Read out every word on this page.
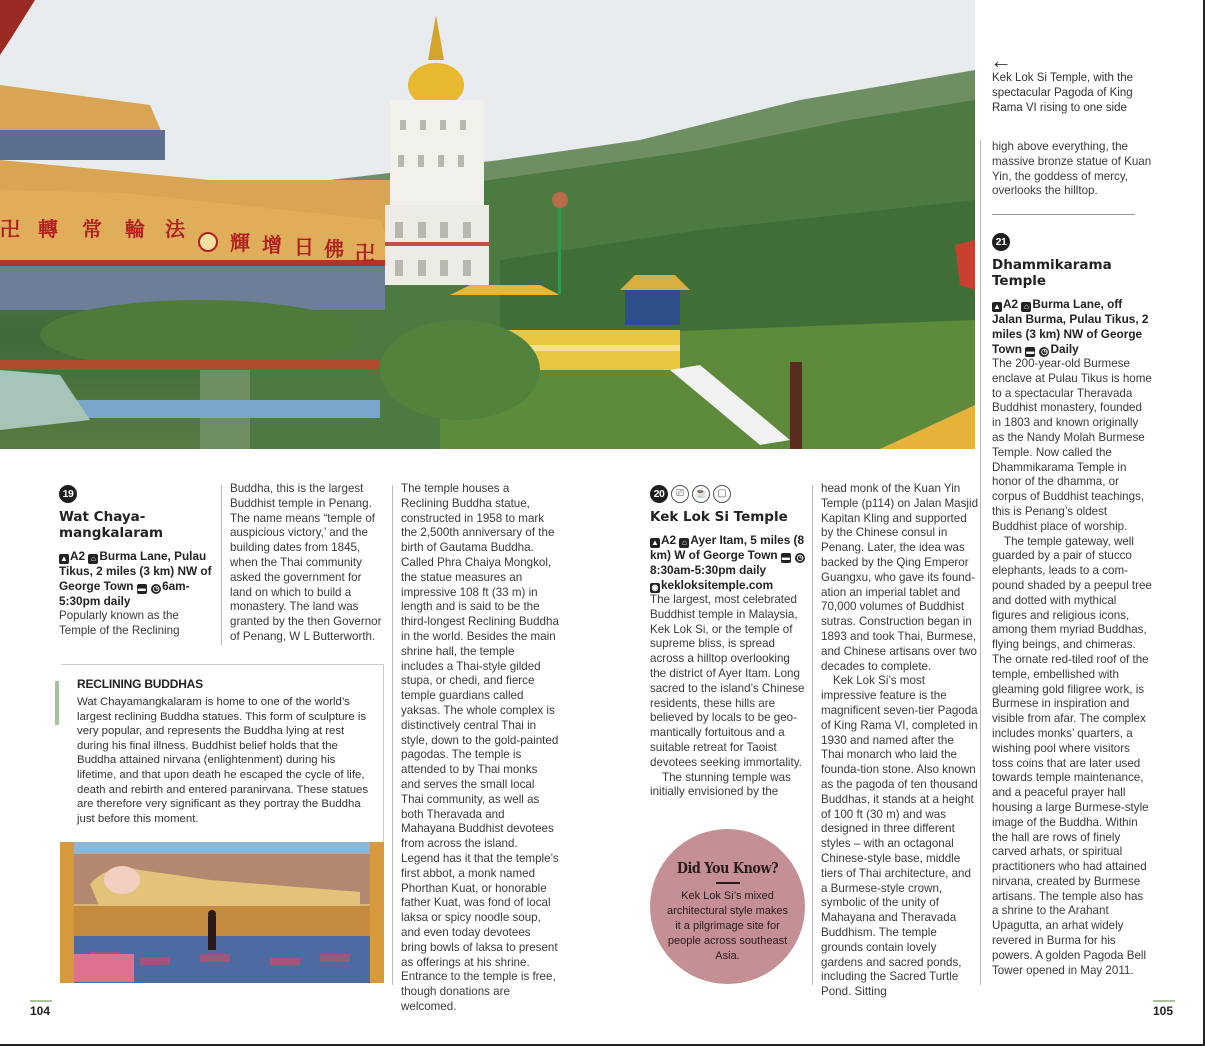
卍 轉 常 輪 法
輝 增 日 佛 卍
←
Kek Lok Si Temple, with the spectacular Pagoda of King Rama VI rising to one side

high above everything, the massive bronze statue of Kuan Yin, the goddess of mercy, overlooks the hilltop.

21
Dhammikarama Temple
▲ A2 ⌂ Burma Lane, off Jalan Burma, Pulau Tikus, 2 miles (3 km) NW of George Town ▬ ◷ Daily

The 200-year-old Burmese enclave at Pulau Tikus is home to a spectacular Theravada Buddhist monastery, founded in 1803 and known originally as the Nandy Molah Burmese Temple. Now called the Dhammikarama Temple in honor of the dhamma, or corpus of Buddhist teachings, this is Penang’s oldest Buddhist place of worship.

The temple gateway, well guarded by a pair of stucco elephants, leads to a com-pound shaded by a peepul tree and dotted with mythical figures and religious icons, among them myriad Buddhas, flying beings, and chimeras. The ornate red-tiled roof of the temple, embellished with gleaming gold filigree work, is Burmese in inspiration and visible from afar. The complex includes monks’ quarters, a wishing pool where visitors toss coins that are later used towards temple maintenance, and a peaceful prayer hall housing a large Burmese-style image of the Buddha. Within the hall are rows of finely carved arhats, or spiritual practitioners who had attained nirvana, created by Burmese artisans. The temple also has a shrine to the Arahant Upagutta, an arhat widely revered in Burma for his powers. A golden Pagoda Bell Tower opened in May 2011.

19
Wat Chaya-mangkalaram
▲ A2 ⌂ Burma Lane, Pulau Tikus, 2 miles (3 km) NW of George Town ▬ ◷ 6am-5:30pm daily

Popularly known as the Temple of the Reclining

Buddha, this is the largest Buddhist temple in Penang. The name means “temple of auspicious victory,’ and the building dates from 1845, when the Thai community asked the government for land on which to build a monastery. The land was granted by the then Governor of Penang, W L Butterworth.

The temple houses a Reclining Buddha statue, constructed in 1958 to mark the 2,500th anniversary of the birth of Gautama Buddha. Called Phra Chaiya Mongkol, the statue measures an impressive 108 ft (33 m) in length and is said to be the third-longest Reclining Buddha in the world. Besides the main shrine hall, the temple includes a Thai-style gilded stupa, or chedi, and fierce temple guardians called yaksas. The whole complex is distinctively central Thai in style, down to the gold-painted pagodas. The temple is attended to by Thai monks and serves the small local Thai community, as well as both Theravada and Mahayana Buddhist devotees from across the island. Legend has it that the temple’s first abbot, a monk named Phorthan Kuat, or honorable father Kuat, was fond of local laksa or spicy noodle soup, and even today devotees bring bowls of laksa to present as offerings at his shrine. Entrance to the temple is free, though donations are welcomed.

RECLINING BUDDHAS
Wat Chayamangkalaram is home to one of the world’s largest reclining Buddha statues. This form of sculpture is very popular, and represents the Buddha lying at rest during his final illness. Buddhist belief holds that the Buddha attained nirvana (enlightenment) during his lifetime, and that upon death he escaped the cycle of life, death and rebirth and entered paranirvana. These statues are therefore very significant as they portray the Buddha just before this moment.
20	⎚	☕	▢
Kek Lok Si Temple
▲ A2 ⌂ Ayer Itam, 5 miles (8 km) W of George Town ▬ ◷8:30am-5:30pm daily
◉ kekloksitemple.com

The largest, most celebrated Buddhist temple in Malaysia, Kek Lok Si, or the temple of supreme bliss, is spread across a hilltop overlooking the district of Ayer Itam. Long sacred to the island’s Chinese residents, these hills are believed by locals to be geo-mantically fortuitous and a suitable retreat for Taoist devotees seeking immortality.

The stunning temple was initially envisioned by the

head monk of the Kuan Yin Temple (p114) on Jalan Masjid Kapitan Kling and supported by the Chinese consul in Penang. Later, the idea was backed by the Qing Emperor Guangxu, who gave its found-ation an imperial tablet and 70,000 volumes of Buddhist sutras. Construction began in 1893 and took Thai, Burmese, and Chinese artisans over two decades to complete.

Kek Lok Si’s most impressive feature is the magnificent seven-tier Pagoda of King Rama VI, completed in 1930 and named after the Thai monarch who laid the founda-tion stone. Also known as the pagoda of ten thousand Buddhas, it stands at a height of 100 ft (30 m) and was designed in three different styles – with an octagonal Chinese-style base, middle tiers of Thai architecture, and a Burmese-style crown, symbolic of the unity of Mahayana and Theravada Buddhism. The temple grounds contain lovely gardens and sacred ponds, including the Sacred Turtle Pond. Sitting

Did You Know?
Kek Lok Si’s mixed architectural style makes it a pilgrimage site for people across southeast Asia.
104	105
